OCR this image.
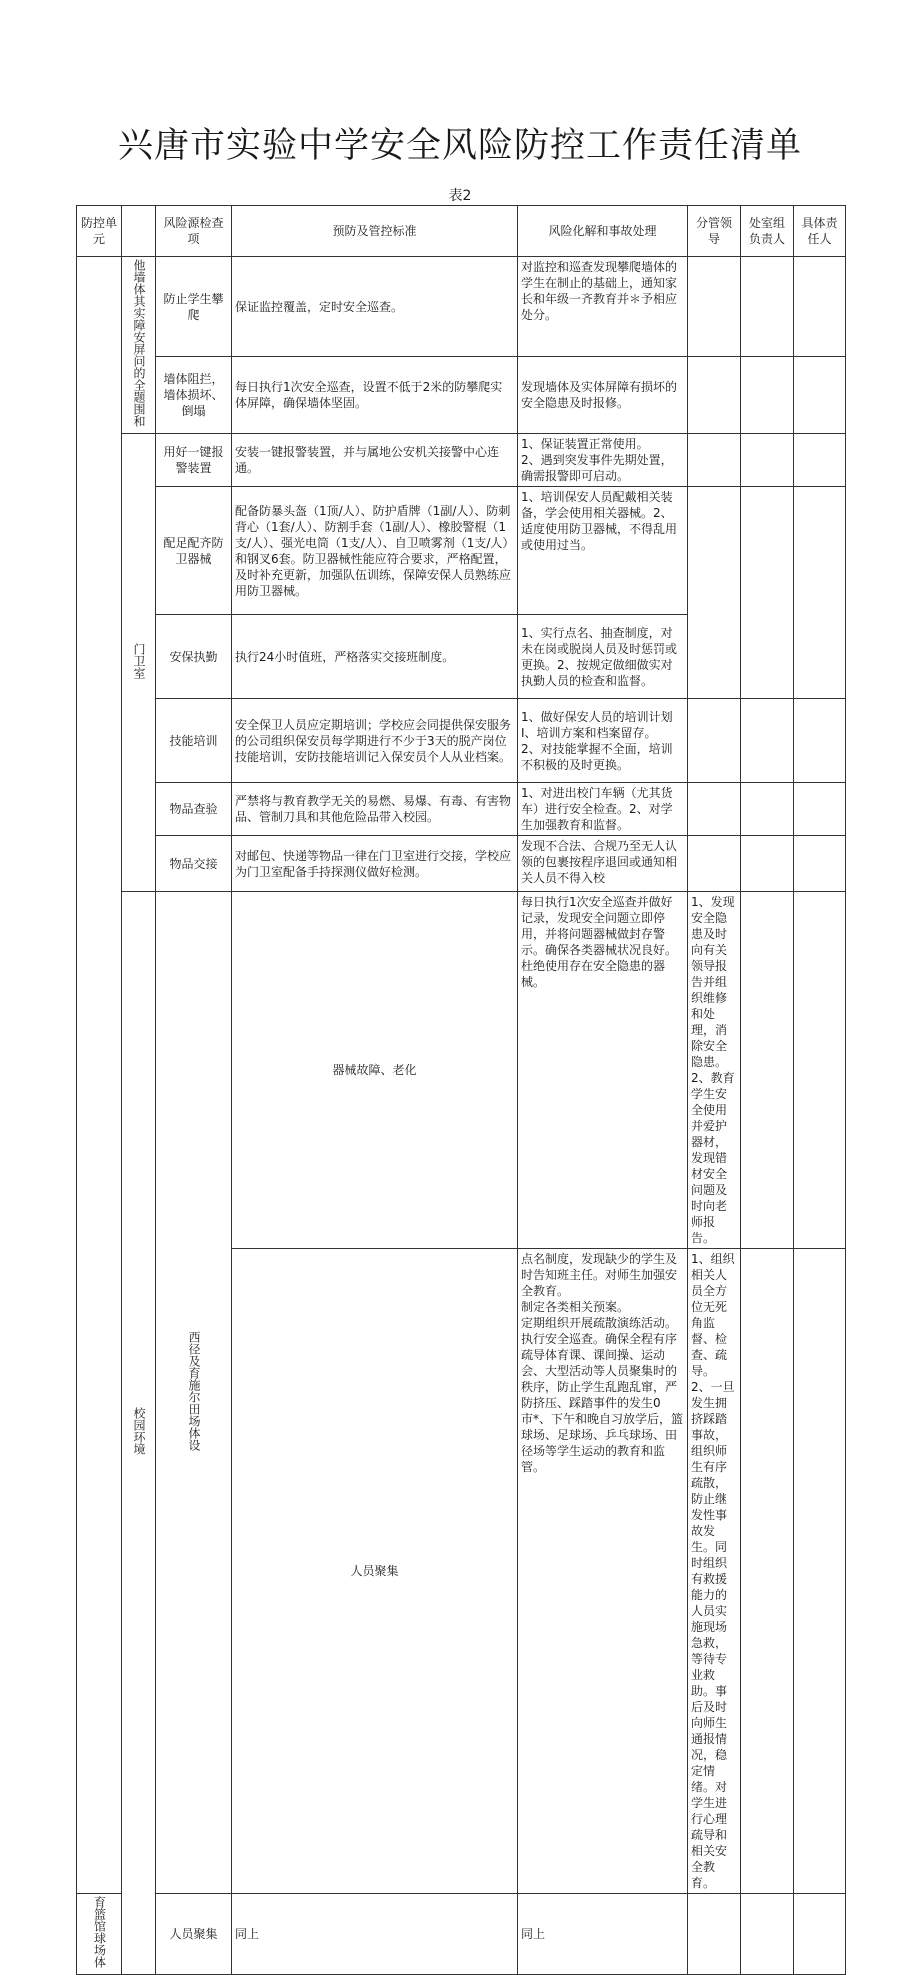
兴唐市实验中学安全风险防控工作责任清单
表2
防控单元		风险源检查项	预防及管控标准	风险化解和事故处理	分管领导	处室组负责人	具体责任人	
	他墙体其实障安屏问的全题围和	防止学生攀爬	保证监控覆盖，定时安全巡查。	对监控和巡查发现攀爬墙体的学生在制止的基础上，通知家长和年级一齐教育并＊予相应处分。				
		墙体阻拦，墙体损坏、倒塌	每日执行1次安全巡查，设置不低于2米的防攀爬实体屏障，确保墙体坚固。	发现墙体及实体屏障有损坏的安全隐患及时报修。				
	门卫室	用好一键报警装置	安装一键报警装置，并与属地公安机关接警中心连通。	1、保证装置正常使用。
2、遇到突发事件先期处置，确需报警即可启动。				
		配足配齐防卫器械	配备防暴头盔（1顶/人）、防护盾牌（1副/人）、防刺背心（1套/人）、防割手套（1副/人）、橡胶警棍（1支/人）、强光电筒（1支/人）、自卫喷雾剂（1支/人）和钢叉6套。防卫器械性能应符合要求，严格配置，及时补充更新，加强队伍训练，保障安保人员熟练应用防卫器械。	1、培训保安人员配戴相关装备，学会使用相关器械。2、适度使用防卫器械，不得乱用或使用过当。				
		安保执勤	执行24小时值班，严格落实交接班制度。	1、实行点名、抽查制度，对未在岗或脱岗人员及时惩罚或更换。2、按规定做细做实对执勤人员的检查和监督。				
		技能培训	安全保卫人员应定期培训；学校应会同提供保安服务的公司组织保安员每学期进行不少于3天的脱产岗位技能培训，安防技能培训记入保安员个人从业档案。	1、做好保安人员的培训计划I、培训方案和档案留存。
2、对技能掌握不全面，培训不积极的及时更换。				
		物品查验	严禁将与教育教学无关的易燃、易爆、有毒、有害物品、管制刀具和其他危险品带入校园。	1、对进出校门车辆（尤其货车）进行安全检查。2、对学生加强教育和监督。				
		物品交接	对邮包、快递等物品一律在门卫室进行交接，学校应为门卫室配备手持探测仪做好检测。	发现不合法、合规乃至无人认领的包裹按程序退回或通知相关人员不得入校				
	校园环境	西径及育施尔田场体设	器械故障、老化	每日执行1次安全巡查并做好记录，发现安全问题立即停用，并将问题器械做封存警示。确保各类器械状况良好。杜绝使用存在安全隐患的器械。	1、发现安全隐患及时向有关领导报告并组织维修和处理，消除安全隐患。
2、教育学生安全使用并爱护器材，发现错材安全问题及时向老师报告。			
			人员聚集	点名制度，发现缺少的学生及时告知班主任。对师生加强安全教育。
制定各类相关预案。
定期组织开展疏散演练活动。
执行安全巡查。确保全程有序疏导体育课、课间操、运动会、大型活动等人员聚集时的秩序，防止学生乱跑乱窜，严防挤压、踩踏事件的发生0
市*、下午和晚自习放学后，篮球场、足球场、乒乓球场、田径场等学生运动的教育和监管。	1、组织相关人员全方位无死角监督、检查、疏导。
2、一旦发生拥挤踩踏事故，组织师生有序疏散，防止继发性事故发生。同时组织有救援能力的人员实施现场急救，等待专业救助。事后及时向师生通报情况，稳定情绪。对学生进行心理疏导和相关安全教育。			
育篮馆球场体		人员聚集	同上	同上				
